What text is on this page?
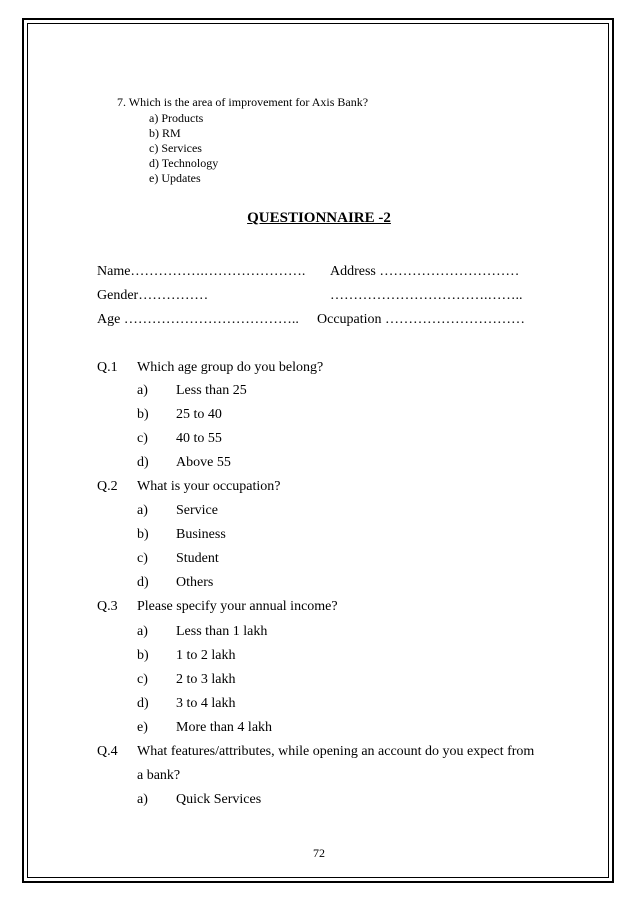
7. Which is the area of improvement for Axis Bank?
a) Products
b) RM
c) Services
d) Technology
e) Updates
QUESTIONNAIRE -2
Name…………….…………………. Address …………………………
Gender……………	…………………………….……..
Age ……………………………….. Occupation …………………………
Q.1 Which age group do you belong?
a) Less than 25
b) 25 to 40
c) 40 to 55
d) Above 55
Q.2 What is your occupation?
a) Service
b) Business
c) Student
d) Others
Q.3 Please specify your annual income?
a) Less than 1 lakh
b) 1 to 2 lakh
c) 2 to 3 lakh
d) 3 to 4 lakh
e) More than 4 lakh
Q.4 What features/attributes, while opening an account do you expect from
a bank?
a) Quick Services
72
